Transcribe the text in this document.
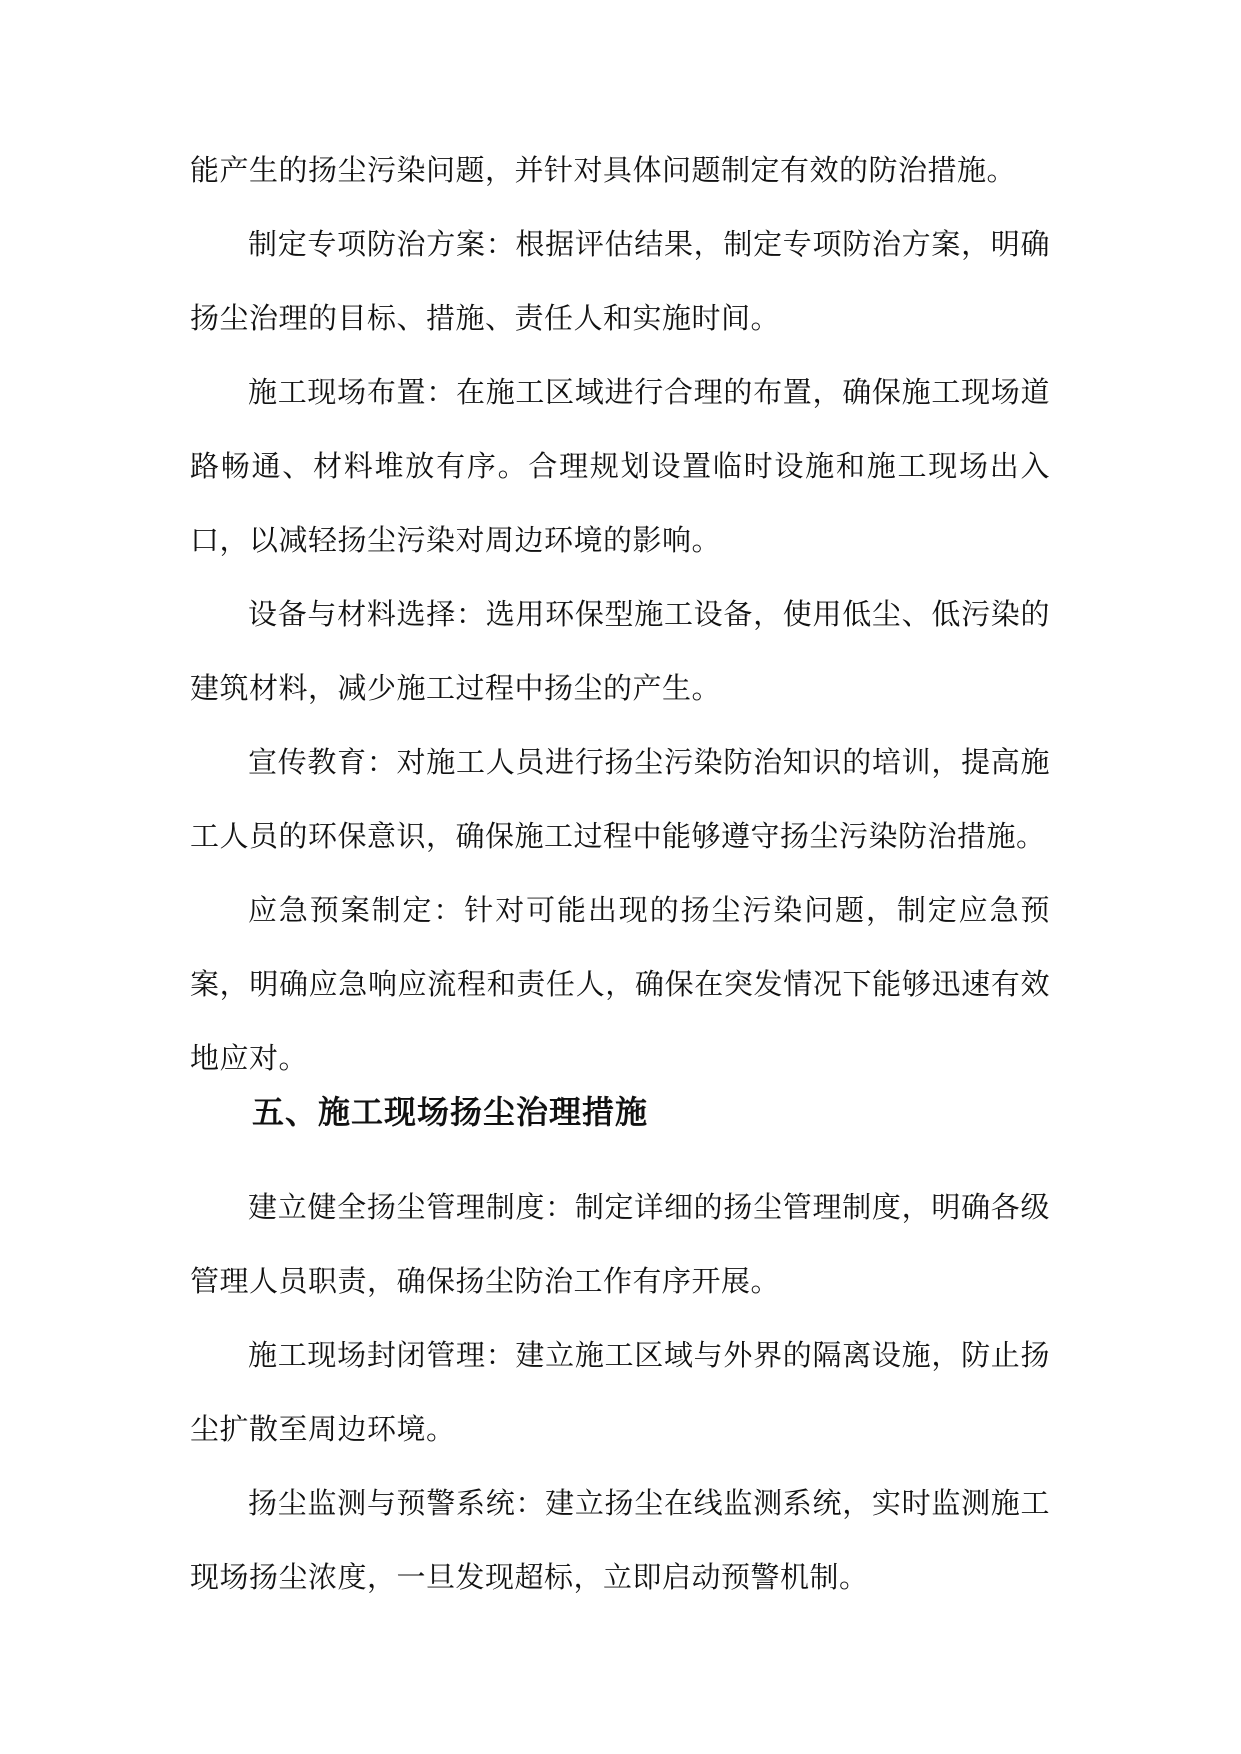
能产生的扬尘污染问题，并针对具体问题制定有效的防治措施。

制定专项防治方案：根据评估结果，制定专项防治方案，明确扬尘治理的目标、措施、责任人和实施时间。

施工现场布置：在施工区域进行合理的布置，确保施工现场道路畅通、材料堆放有序。合理规划设置临时设施和施工现场出入口，以减轻扬尘污染对周边环境的影响。

设备与材料选择：选用环保型施工设备，使用低尘、低污染的建筑材料，减少施工过程中扬尘的产生。

宣传教育：对施工人员进行扬尘污染防治知识的培训，提高施工人员的环保意识，确保施工过程中能够遵守扬尘污染防治措施。

应急预案制定：针对可能出现的扬尘污染问题，制定应急预案，明确应急响应流程和责任人，确保在突发情况下能够迅速有效地应对。

五、施工现场扬尘治理措施

建立健全扬尘管理制度：制定详细的扬尘管理制度，明确各级管理人员职责，确保扬尘防治工作有序开展。

施工现场封闭管理：建立施工区域与外界的隔离设施，防止扬尘扩散至周边环境。

扬尘监测与预警系统：建立扬尘在线监测系统，实时监测施工现场扬尘浓度，一旦发现超标，立即启动预警机制。
